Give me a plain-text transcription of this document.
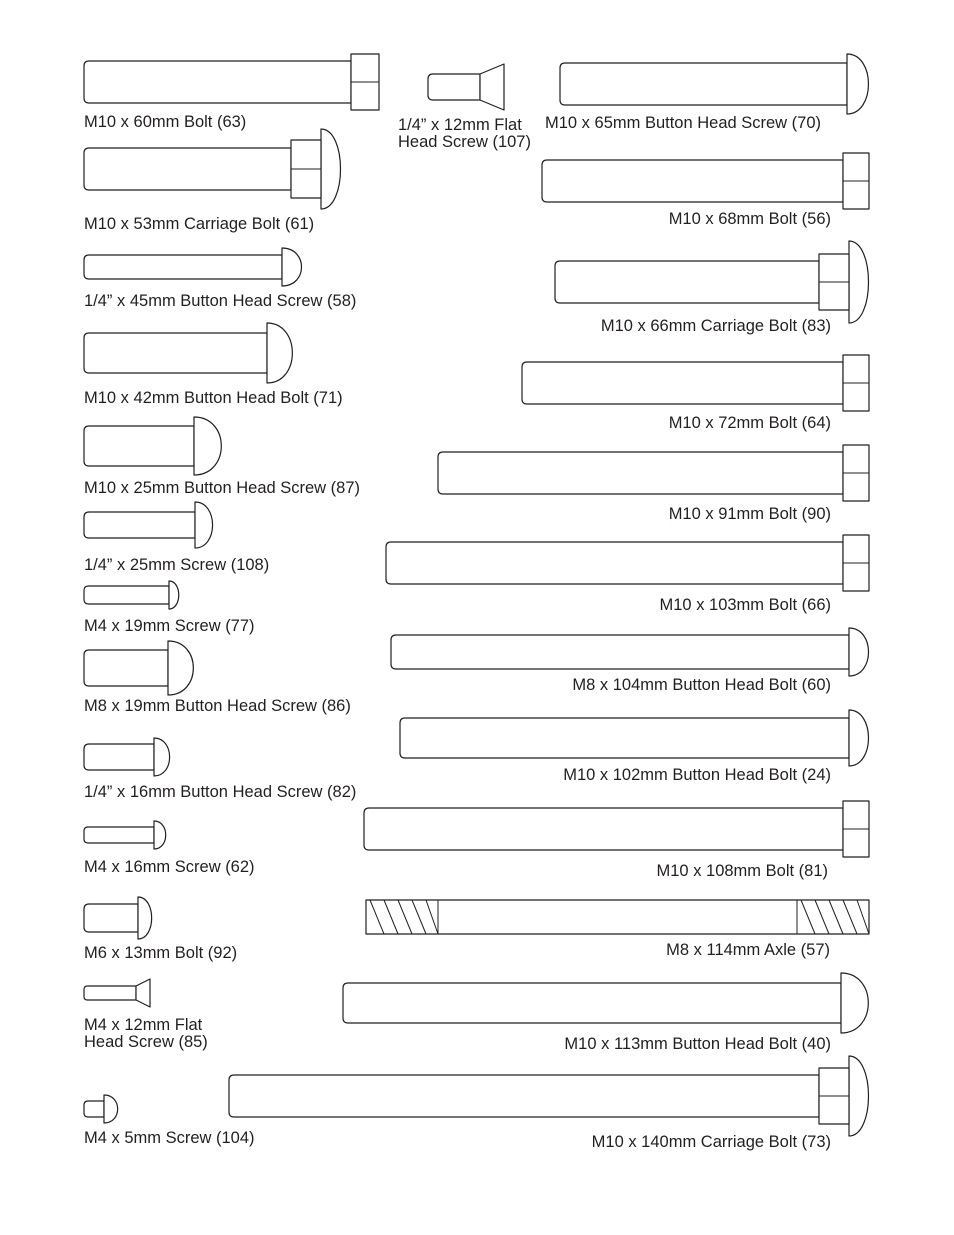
M10 x 60mm Bolt (63)	1/4” x 12mm Flat
Head Screw (107)
M10 x 65mm Button Head Screw (70)
M10 x 53mm Carriage Bolt (61)	M10 x 68mm Bolt (56)
1/4” x 45mm Button Head Screw (58)
M10 x 66mm Carriage Bolt (83)
M10 x 42mm Button Head Bolt (71)
M10 x 72mm Bolt (64)
M10 x 25mm Button Head Screw (87)
M10 x 91mm Bolt (90)
1/4” x 25mm Screw (108)
M10 x 103mm Bolt (66)
M4 x 19mm Screw (77)
M8 x 104mm Button Head Bolt (60)
M8 x 19mm Button Head Screw (86)
M10 x 102mm Button Head Bolt (24)
1/4” x 16mm Button Head Screw (82)
M10 x 108mm Bolt (81)
M4 x 16mm Screw (62)
M8 x 114mm Axle (57)
M6 x 13mm Bolt (92)
M4 x 12mm Flat
Head Screw (85)	M10 x 113mm Button Head Bolt (40)
M4 x 5mm Screw (104)	M10 x 140mm Carriage Bolt (73)
